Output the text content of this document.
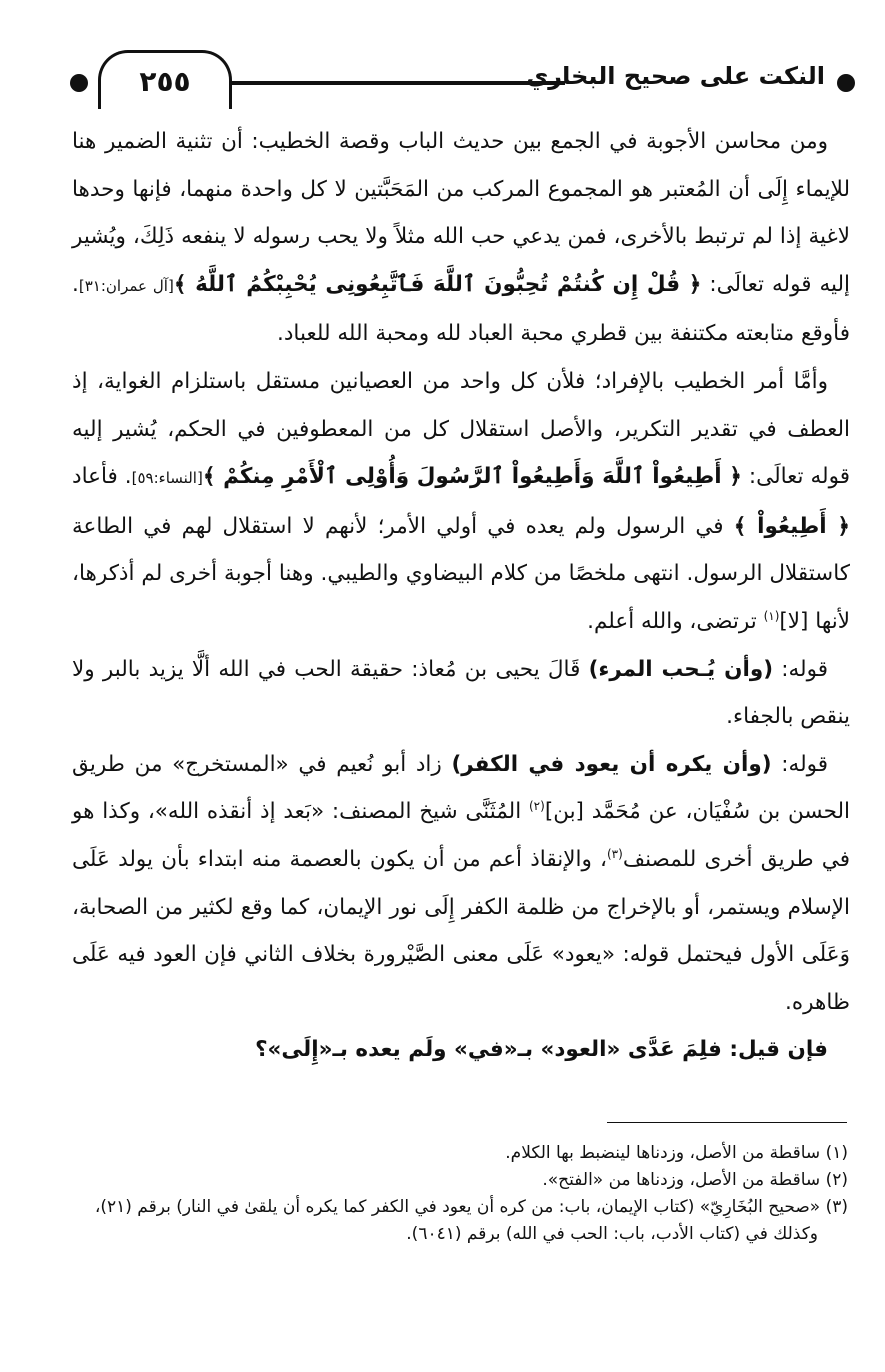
٢٥٥	النكت على صحيح البخاري

ومن محاسن الأجوبة في الجمع بين حديث الباب وقصة الخطيب: أن تثنية الضمير هنا للإيماء إِلَى أن المُعتبر هو المجموع المركب من المَحَبَّتين لا كل واحدة منهما، فإنها وحدها لاغية إذا لم ترتبط بالأخرى، فمن يدعي حب الله مثلاً ولا يحب رسوله لا ينفعه ذَلِكَ، ويُشير إليه قوله تعالَى: ﴿ قُلْ إِن كُنتُمْ تُحِبُّونَ ٱللَّهَ فَٱتَّبِعُونِى يُحْبِبْكُمُ ٱللَّهُ ﴾[آل عمران:٣١]. فأوقع متابعته مكتنفة بين قطري محبة العباد لله ومحبة الله للعباد.

وأمَّا أمر الخطيب بالإفراد؛ فلأن كل واحد من العصيانين مستقل باستلزام الغواية، إذ العطف في تقدير التكرير، والأصل استقلال كل من المعطوفين في الحكم، يُشير إليه قوله تعالَى: ﴿ أَطِيعُواْ ٱللَّهَ وَأَطِيعُواْ ٱلرَّسُولَ وَأُوْلِى ٱلْأَمْرِ مِنكُمْ ﴾[النساء:٥٩]. فأعاد ﴿ أَطِيعُواْ ﴾ في الرسول ولم يعده في أولي الأمر؛ لأنهم لا استقلال لهم في الطاعة كاستقلال الرسول. انتهى ملخصًا من كلام البيضاوي والطيبي. وهنا أجوبة أخرى لم أذكرها، لأنها [لا]$^{(١)}$ ترتضى، والله أعلم.

قوله: (وأن يُـحب المرء) قَالَ يحيى بن مُعاذ: حقيقة الحب في الله ألَّا يزيد بالبر ولا ينقص بالجفاء.

قوله: (وأن يكره أن يعود في الكفر) زاد أبو نُعيم في «المستخرج» من طريق الحسن بن سُفْيَان، عن مُحَمَّد [بن]$^{(٢)}$ المُثَنَّى شيخ المصنف: «بَعد إذ أنقذه الله»، وكذا هو في طريق أخرى للمصنف$^{(٣)}$، والإنقاذ أعم من أن يكون بالعصمة منه ابتداء بأن يولد عَلَى الإسلام ويستمر، أو بالإخراج من ظلمة الكفر إِلَى نور الإيمان، كما وقع لكثير من الصحابة، وَعَلَى الأول فيحتمل قوله: «يعود» عَلَى معنى الصَّيْرورة بخلاف الثاني فإن العود فيه عَلَى ظاهره.

فإن قيل: فلِمَ عَدَّى «العود» بـ«في» ولَم يعده بـ«إِلَى»؟

(١) ساقطة من الأصل، وزدناها لينضبط بها الكلام.

(٢) ساقطة من الأصل، وزدناها من «الفتح».

(٣) «صحيح البُخَارِيّ» (كتاب الإيمان، باب: من كره أن يعود في الكفر كما يكره أن يلقىٰ في النار) برقم (٢١)، وكذلك في (كتاب الأدب، باب: الحب في الله) برقم (٦٠٤١).
